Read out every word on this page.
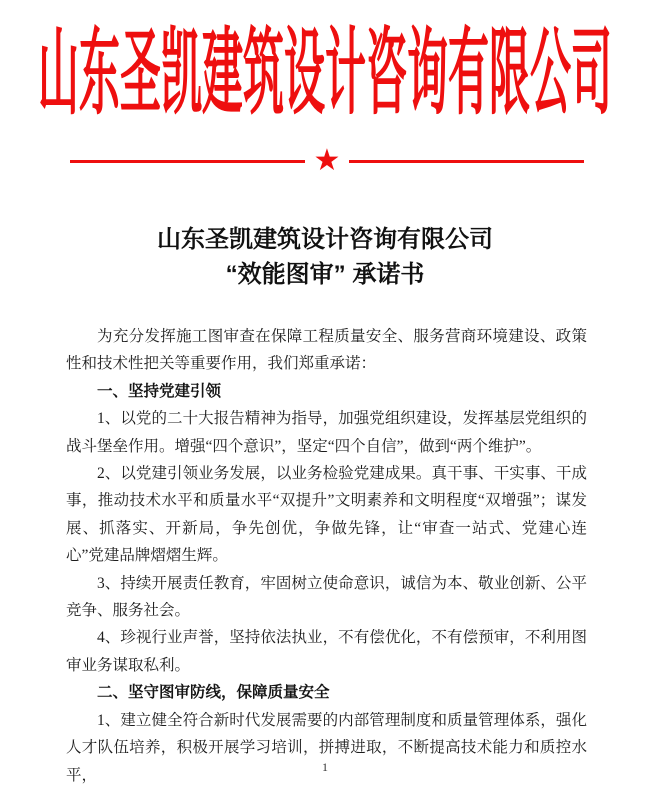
山东圣凯建筑设计咨询有限公司
★
山东圣凯建筑设计咨询有限公司
“效能图审” 承诺书

为充分发挥施工图审查在保障工程质量安全、服务营商环境建设、政策性和技术性把关等重要作用，我们郑重承诺：

一、坚持党建引领

1、以党的二十大报告精神为指导，加强党组织建设，发挥基层党组织的战斗堡垒作用。增强“四个意识”，坚定“四个自信”，做到“两个维护”。

2、以党建引领业务发展，以业务检验党建成果。真干事、干实事、干成事，推动技术水平和质量水平“双提升”文明素养和文明程度“双增强”；谋发展、抓落实、开新局，争先创优，争做先锋，让“审查一站式、党建心连心”党建品牌熠熠生辉。

3、持续开展责任教育，牢固树立使命意识，诚信为本、敬业创新、公平竞争、服务社会。

4、珍视行业声誉，坚持依法执业，不有偿优化，不有偿预审，不利用图审业务谋取私利。

二、坚守图审防线，保障质量安全

1、建立健全符合新时代发展需要的内部管理制度和质量管理体系，强化人才队伍培养，积极开展学习培训，拼搏进取，不断提高技术能力和质控水平，	1
